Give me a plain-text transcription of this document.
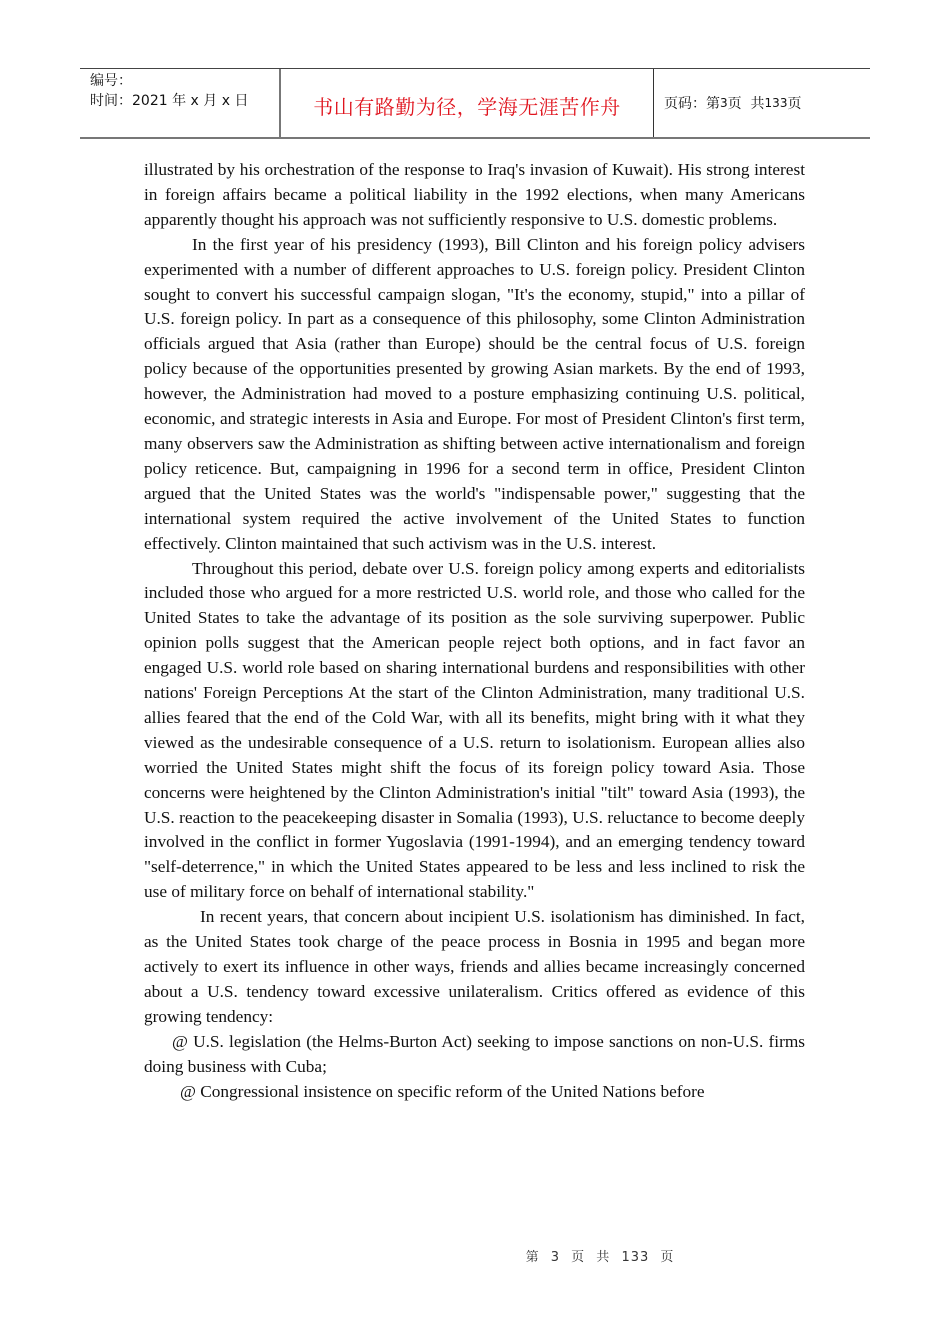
编号：
时间：2021 年 x 月 x 日	书山有路勤为径，学海无涯苦作舟	页码：第 3 页  共 133 页

illustrated by his orchestration of the response to Iraq's invasion of Kuwait). His strong interest in foreign affairs became a political liability in the 1992 elections, when many Americans apparently thought his approach was not sufficiently responsive to U.S. domestic problems.

In the first year of his presidency (1993), Bill Clinton and his foreign policy advisers experimented with a number of different approaches to U.S. foreign policy. President Clinton sought to convert his successful campaign slogan, "It's the economy, stupid," into a pillar of U.S. foreign policy. In part as a consequence of this philosophy, some Clinton Administration officials argued that Asia (rather than Europe) should be the central focus of U.S. foreign policy because of the opportunities presented by growing Asian markets. By the end of 1993, however, the Administration had moved to a posture emphasizing continuing U.S. political, economic, and strategic interests in Asia and Europe. For most of President Clinton's first term, many observers saw the Administration as shifting between active internationalism and foreign policy reticence. But, campaigning in 1996 for a second term in office, President Clinton argued that the United States was the world's "indispensable power," suggesting that the international system required the active involvement of the United States to function effectively. Clinton maintained that such activism was in the U.S. interest.

Throughout this period, debate over U.S. foreign policy among experts and editorialists included those who argued for a more restricted U.S. world role, and those who called for the United States to take the advantage of its position as the sole surviving superpower. Public opinion polls suggest that the American people reject both options, and in fact favor an engaged U.S. world role based on sharing international burdens and responsibilities with other nations' Foreign Perceptions At the start of the Clinton Administration, many traditional U.S. allies feared that the end of the Cold War, with all its benefits, might bring with it what they viewed as the undesirable consequence of a U.S. return to isolationism. European allies also worried the United States might shift the focus of its foreign policy toward Asia. Those concerns were heightened by the Clinton Administration's initial "tilt" toward Asia (1993), the U.S. reaction to the peacekeeping disaster in Somalia (1993), U.S. reluctance to become deeply involved in the conflict in former Yugoslavia (1991-1994), and an emerging tendency toward "self-deterrence," in which the United States appeared to be less and less inclined to risk the use of military force on behalf of international stability."

In recent years, that concern about incipient U.S. isolationism has diminished. In fact, as the United States took charge of the peace process in Bosnia in 1995 and began more actively to exert its influence in other ways, friends and allies became increasingly concerned about a U.S. tendency toward excessive unilateralism. Critics offered as evidence of this growing tendency:

@ U.S. legislation (the Helms-Burton Act) seeking to impose sanctions on non-U.S. firms doing business with Cuba;

@ Congressional insistence on specific reform of the United Nations before

第 3 页 共 133 页
